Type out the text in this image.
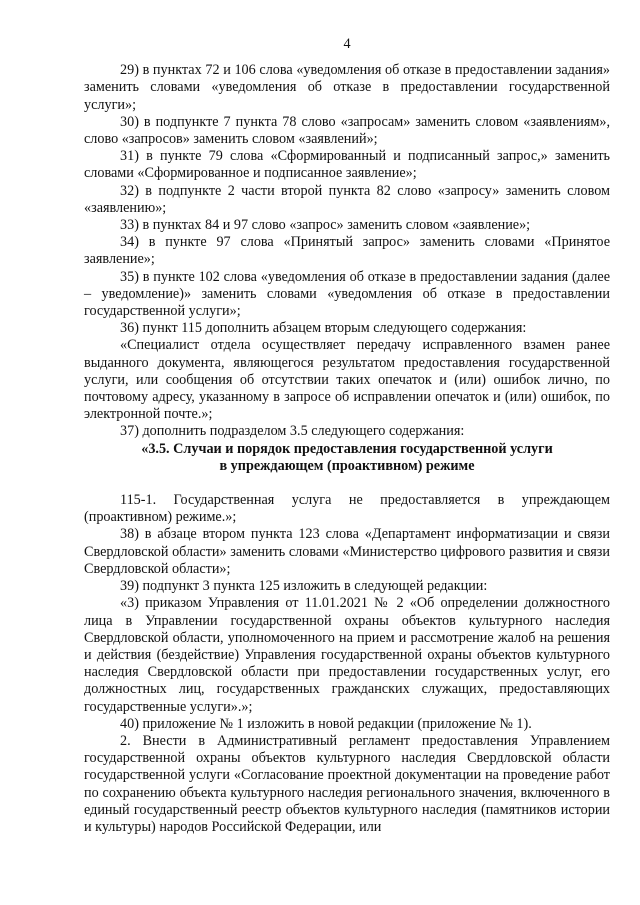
4

29) в пунктах 72 и 106 слова «уведомления об отказе в предоставлении задания» заменить словами «уведомления об отказе в предоставлении государственной услуги»;

30) в подпункте 7 пункта 78 слово «запросам» заменить словом «заявлениям», слово «запросов» заменить словом «заявлений»;

31) в пункте 79 слова «Сформированный и подписанный запрос,» заменить словами «Сформированное и подписанное заявление»;

32) в подпункте 2 части второй пункта 82 слово «запросу» заменить словом «заявлению»;

33) в пунктах 84 и 97 слово «запрос» заменить словом «заявление»;

34) в пункте 97 слова «Принятый запрос» заменить словами «Принятое заявление»;

35) в пункте 102 слова «уведомления об отказе в предоставлении задания (далее – уведомление)» заменить словами «уведомления об отказе в предоставлении государственной услуги»;

36) пункт 115 дополнить абзацем вторым следующего содержания:

«Специалист отдела осуществляет передачу исправленного взамен ранее выданного документа, являющегося результатом предоставления государственной услуги, или сообщения об отсутствии таких опечаток и (или) ошибок лично, по почтовому адресу, указанному в запросе об исправлении опечаток и (или) ошибок, по электронной почте.»;

37) дополнить подразделом 3.5 следующего содержания:

«3.5. Случаи и порядок предоставления государственной услуги

в упреждающем (проактивном) режиме

115-1. Государственная услуга не предоставляется в упреждающем (проактивном) режиме.»;

38) в абзаце втором пункта 123 слова «Департамент информатизации и связи Свердловской области» заменить словами «Министерство цифрового развития и связи Свердловской области»;

39) подпункт 3 пункта 125 изложить в следующей редакции:

«3) приказом Управления от 11.01.2021 № 2 «Об определении должностного лица в Управлении государственной охраны объектов культурного наследия Свердловской области, уполномоченного на прием и рассмотрение жалоб на решения и действия (бездействие) Управления государственной охраны объектов культурного наследия Свердловской области при предоставлении государственных услуг, его должностных лиц, государственных гражданских служащих, предоставляющих государственные услуги».»;

40) приложение № 1 изложить в новой редакции (приложение № 1).

2. Внести в Административный регламент предоставления Управлением государственной охраны объектов культурного наследия Свердловской области государственной услуги «Согласование проектной документации на проведение работ по сохранению объекта культурного наследия регионального значения, включенного в единый государственный реестр объектов культурного наследия (памятников истории и культуры) народов Российской Федерации, или
